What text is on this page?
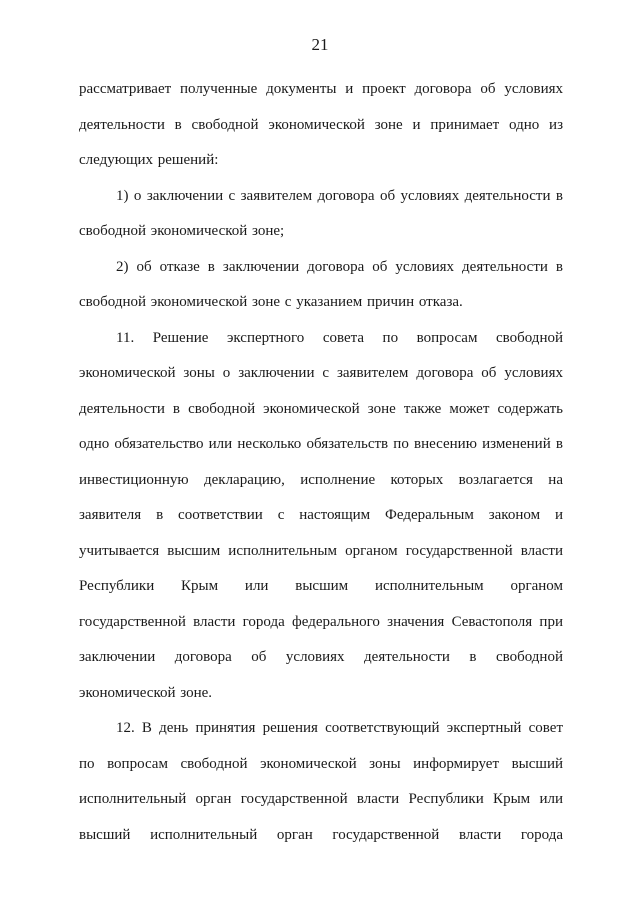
21

рассматривает полученные документы и проект договора об условиях деятельности в свободной экономической зоне и принимает одно из следующих решений:

1) о заключении с заявителем договора об условиях деятельности в свободной экономической зоне;

2) об отказе в заключении договора об условиях деятельности в свободной экономической зоне с указанием причин отказа.

11. Решение экспертного совета по вопросам свободной экономической зоны о заключении с заявителем договора об условиях деятельности в свободной экономической зоне также может содержать одно обязательство или несколько обязательств по внесению изменений в инвестиционную декларацию, исполнение которых возлагается на заявителя в соответствии с настоящим Федеральным законом и учитывается высшим исполнительным органом государственной власти Республики Крым или высшим исполнительным органом государственной власти города федерального значения Севастополя при заключении договора об условиях деятельности в свободной экономической зоне.

12. В день принятия решения соответствующий экспертный совет по вопросам свободной экономической зоны информирует высший исполнительный орган государственной власти Республики Крым или высший исполнительный орган государственной власти города
